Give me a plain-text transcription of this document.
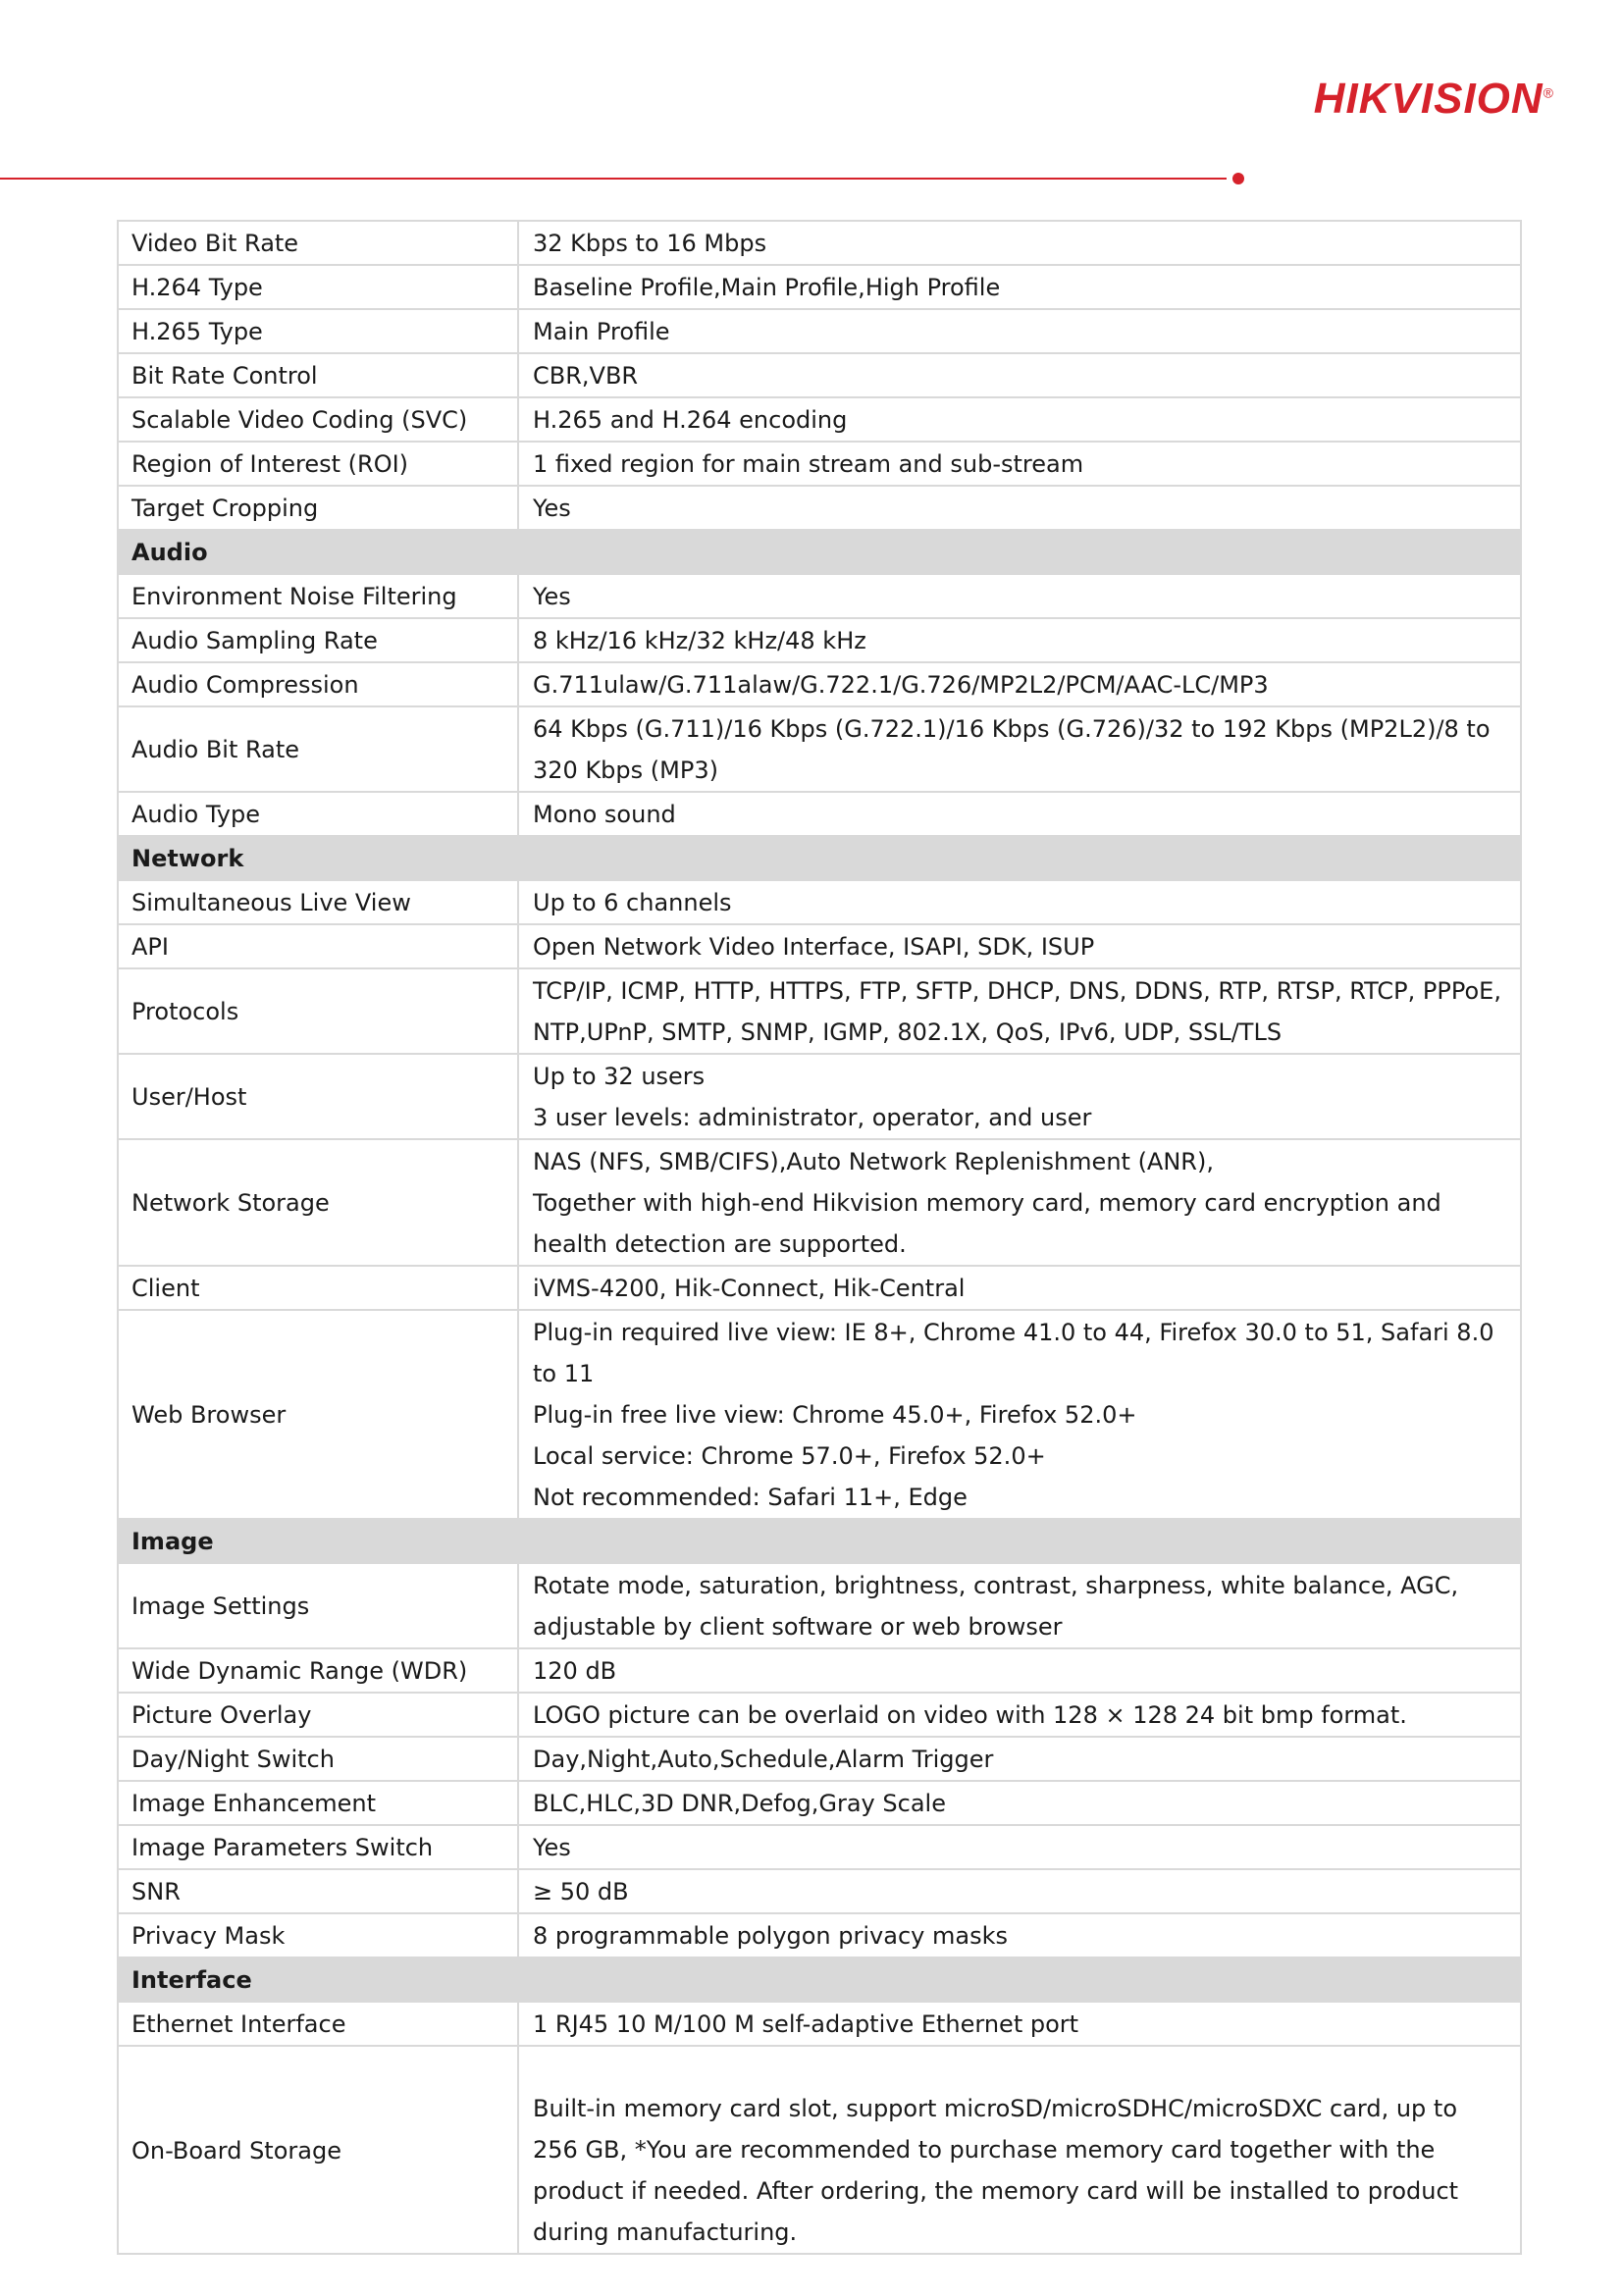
HIKVISION®
Video Bit Rate	32 Kbps to 16 Mbps

H.264 Type	Baseline Profile,Main Profile,High Profile

H.265 Type	Main Profile

Bit Rate Control	CBR,VBR

Scalable Video Coding (SVC)	H.265 and H.264 encoding

Region of Interest (ROI)	1 fixed region for main stream and sub-stream

Target Cropping	Yes

Audio	
Environment Noise Filtering	Yes

Audio Sampling Rate	8 kHz/16 kHz/32 kHz/48 kHz

Audio Compression	G.711ulaw/G.711alaw/G.722.1/G.726/MP2L2/PCM/AAC-LC/MP3

Audio Bit Rate	64 Kbps (G.711)/16 Kbps (G.722.1)/16 Kbps (G.726)/32 to 192 Kbps (MP2L2)/8 to 320 Kbps (MP3)

Audio Type	Mono sound

Network	
Simultaneous Live View	Up to 6 channels

API	Open Network Video Interface, ISAPI, SDK, ISUP

Protocols	TCP/IP, ICMP, HTTP, HTTPS, FTP, SFTP, DHCP, DNS, DDNS, RTP, RTSP, RTCP, PPPoE, NTP,UPnP, SMTP, SNMP, IGMP, 802.1X, QoS, IPv6, UDP, SSL/TLS

User/Host	Up to 32 users
3 user levels: administrator, operator, and user

Network Storage	NAS (NFS, SMB/CIFS),Auto Network Replenishment (ANR),
Together with high-end Hikvision memory card, memory card encryption and health detection are supported.

Client	iVMS-4200, Hik-Connect, Hik-Central

Web Browser	Plug-in required live view: IE 8+, Chrome 41.0 to 44, Firefox 30.0 to 51, Safari 8.0 to 11
Plug-in free live view: Chrome 45.0+, Firefox 52.0+
Local service: Chrome 57.0+, Firefox 52.0+
Not recommended: Safari 11+, Edge

Image	
Image Settings	Rotate mode, saturation, brightness, contrast, sharpness, white balance, AGC, adjustable by client software or web browser

Wide Dynamic Range (WDR)	120 dB

Picture Overlay	LOGO picture can be overlaid on video with 128 × 128 24 bit bmp format.

Day/Night Switch	Day,Night,Auto,Schedule,Alarm Trigger

Image Enhancement	BLC,HLC,3D DNR,Defog,Gray Scale

Image Parameters Switch	Yes

SNR	≥ 50 dB

Privacy Mask	8 programmable polygon privacy masks

Interface	
Ethernet Interface	1 RJ45 10 M/100 M self-adaptive Ethernet port

On-Board Storage	Built-in memory card slot, support microSD/microSDHC/microSDXC card, up to 256 GB, *You are recommended to purchase memory card together with the product if needed. After ordering, the memory card will be installed to product during manufacturing.
